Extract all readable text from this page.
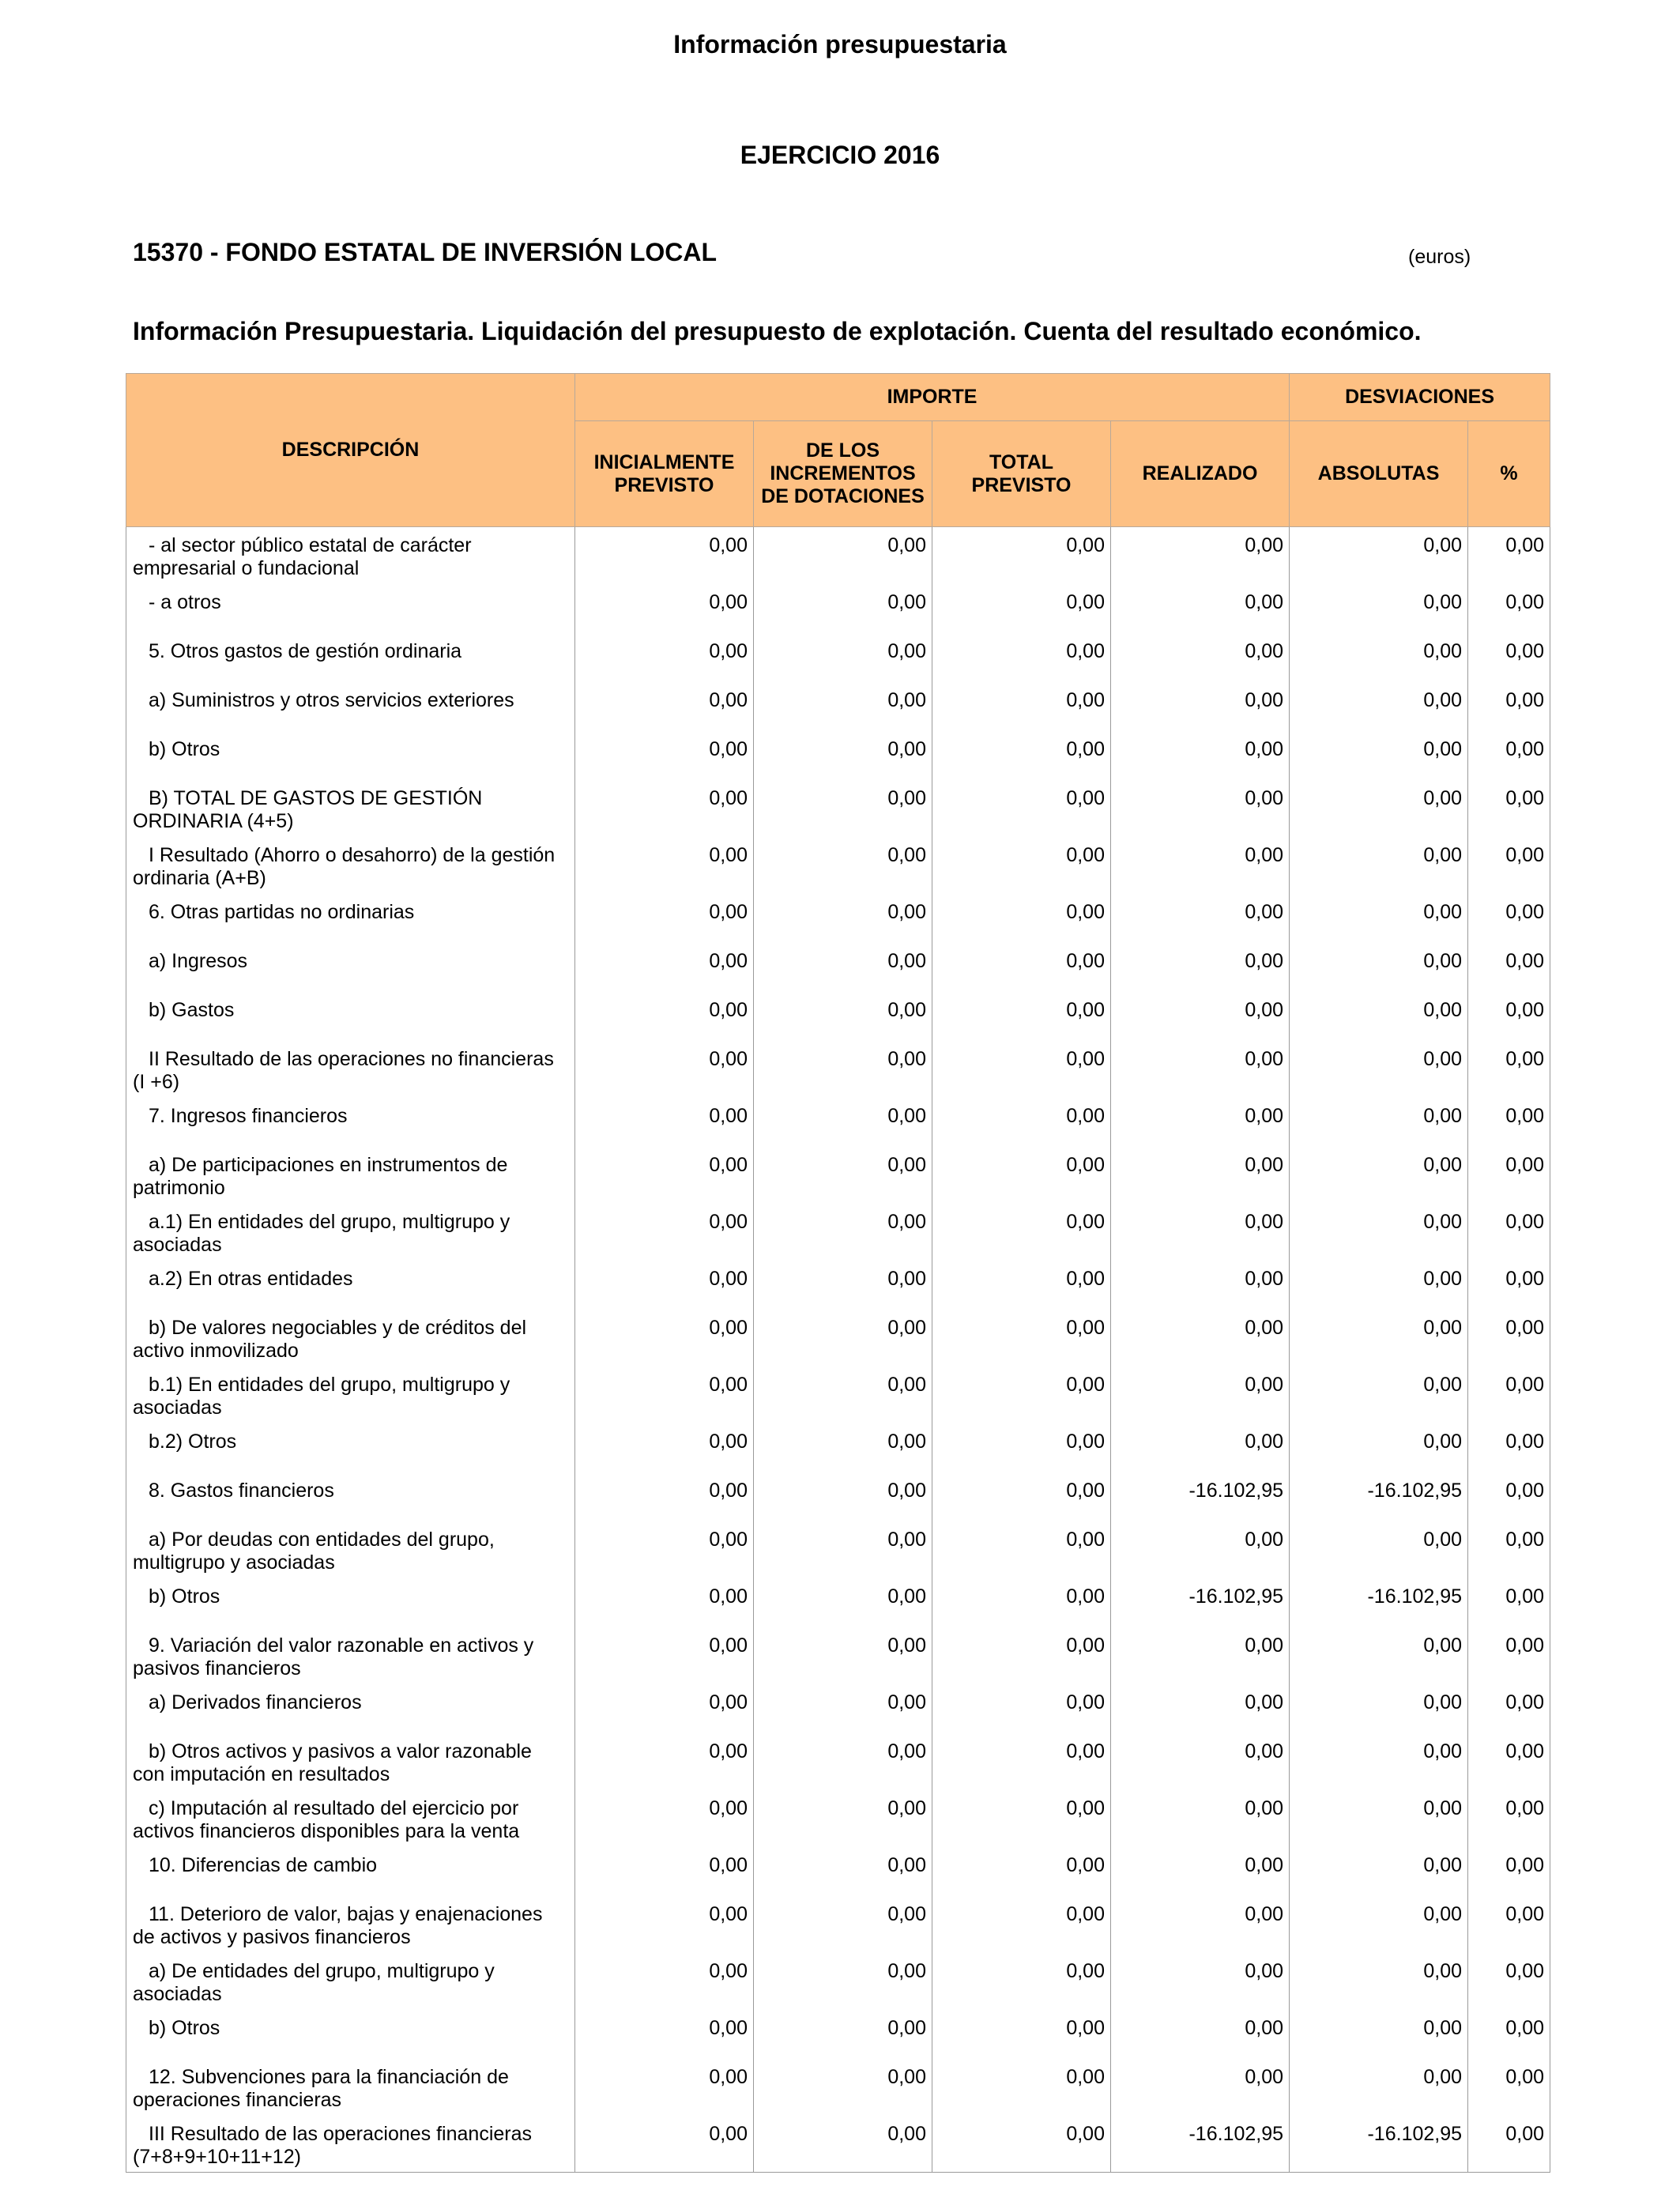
Información presupuestaria
EJERCICIO 2016
15370 - FONDO ESTATAL DE INVERSIÓN LOCAL	(euros)
Información Presupuestaria. Liquidación del presupuesto de explotación. Cuenta del resultado económico.
DESCRIPCIÓN	IMPORTE				DESVIACIONES	
	INICIALMENTE PREVISTO	DE LOS INCREMENTOS DE DOTACIONES	TOTAL PREVISTO	REALIZADO	ABSOLUTAS	%
- al sector público estatal de carácter empresarial o fundacional	0,00	0,00	0,00	0,00	0,00	0,00
- a otros	0,00	0,00	0,00	0,00	0,00	0,00
5. Otros gastos de gestión ordinaria	0,00	0,00	0,00	0,00	0,00	0,00
a) Suministros y otros servicios exteriores	0,00	0,00	0,00	0,00	0,00	0,00
b) Otros	0,00	0,00	0,00	0,00	0,00	0,00
B) TOTAL DE GASTOS DE GESTIÓN ORDINARIA (4+5)	0,00	0,00	0,00	0,00	0,00	0,00
I Resultado (Ahorro o desahorro) de la gestión ordinaria (A+B)	0,00	0,00	0,00	0,00	0,00	0,00
6. Otras partidas no ordinarias	0,00	0,00	0,00	0,00	0,00	0,00
a) Ingresos	0,00	0,00	0,00	0,00	0,00	0,00
b) Gastos	0,00	0,00	0,00	0,00	0,00	0,00
II Resultado de las operaciones no financieras (I +6)	0,00	0,00	0,00	0,00	0,00	0,00
7. Ingresos financieros	0,00	0,00	0,00	0,00	0,00	0,00
a) De participaciones en instrumentos de patrimonio	0,00	0,00	0,00	0,00	0,00	0,00
a.1) En entidades del grupo, multigrupo y asociadas	0,00	0,00	0,00	0,00	0,00	0,00
a.2) En otras entidades	0,00	0,00	0,00	0,00	0,00	0,00
b) De valores negociables y de créditos del activo inmovilizado	0,00	0,00	0,00	0,00	0,00	0,00
b.1) En entidades del grupo, multigrupo y asociadas	0,00	0,00	0,00	0,00	0,00	0,00
b.2) Otros	0,00	0,00	0,00	0,00	0,00	0,00
8. Gastos financieros	0,00	0,00	0,00	-16.102,95	-16.102,95	0,00
a) Por deudas con entidades del grupo, multigrupo y asociadas	0,00	0,00	0,00	0,00	0,00	0,00
b) Otros	0,00	0,00	0,00	-16.102,95	-16.102,95	0,00
9. Variación del valor razonable en activos y pasivos financieros	0,00	0,00	0,00	0,00	0,00	0,00
a) Derivados financieros	0,00	0,00	0,00	0,00	0,00	0,00
b) Otros activos y pasivos a valor razonable con imputación en resultados	0,00	0,00	0,00	0,00	0,00	0,00
c) Imputación al resultado del ejercicio por activos financieros disponibles para la venta	0,00	0,00	0,00	0,00	0,00	0,00
10. Diferencias de cambio	0,00	0,00	0,00	0,00	0,00	0,00
11. Deterioro de valor, bajas y enajenaciones de activos y pasivos financieros	0,00	0,00	0,00	0,00	0,00	0,00
a) De entidades del grupo, multigrupo y asociadas	0,00	0,00	0,00	0,00	0,00	0,00
b) Otros	0,00	0,00	0,00	0,00	0,00	0,00
12. Subvenciones para la financiación de operaciones financieras	0,00	0,00	0,00	0,00	0,00	0,00
III Resultado de las operaciones financieras (7+8+9+10+11+12)	0,00	0,00	0,00	-16.102,95	-16.102,95	0,00
